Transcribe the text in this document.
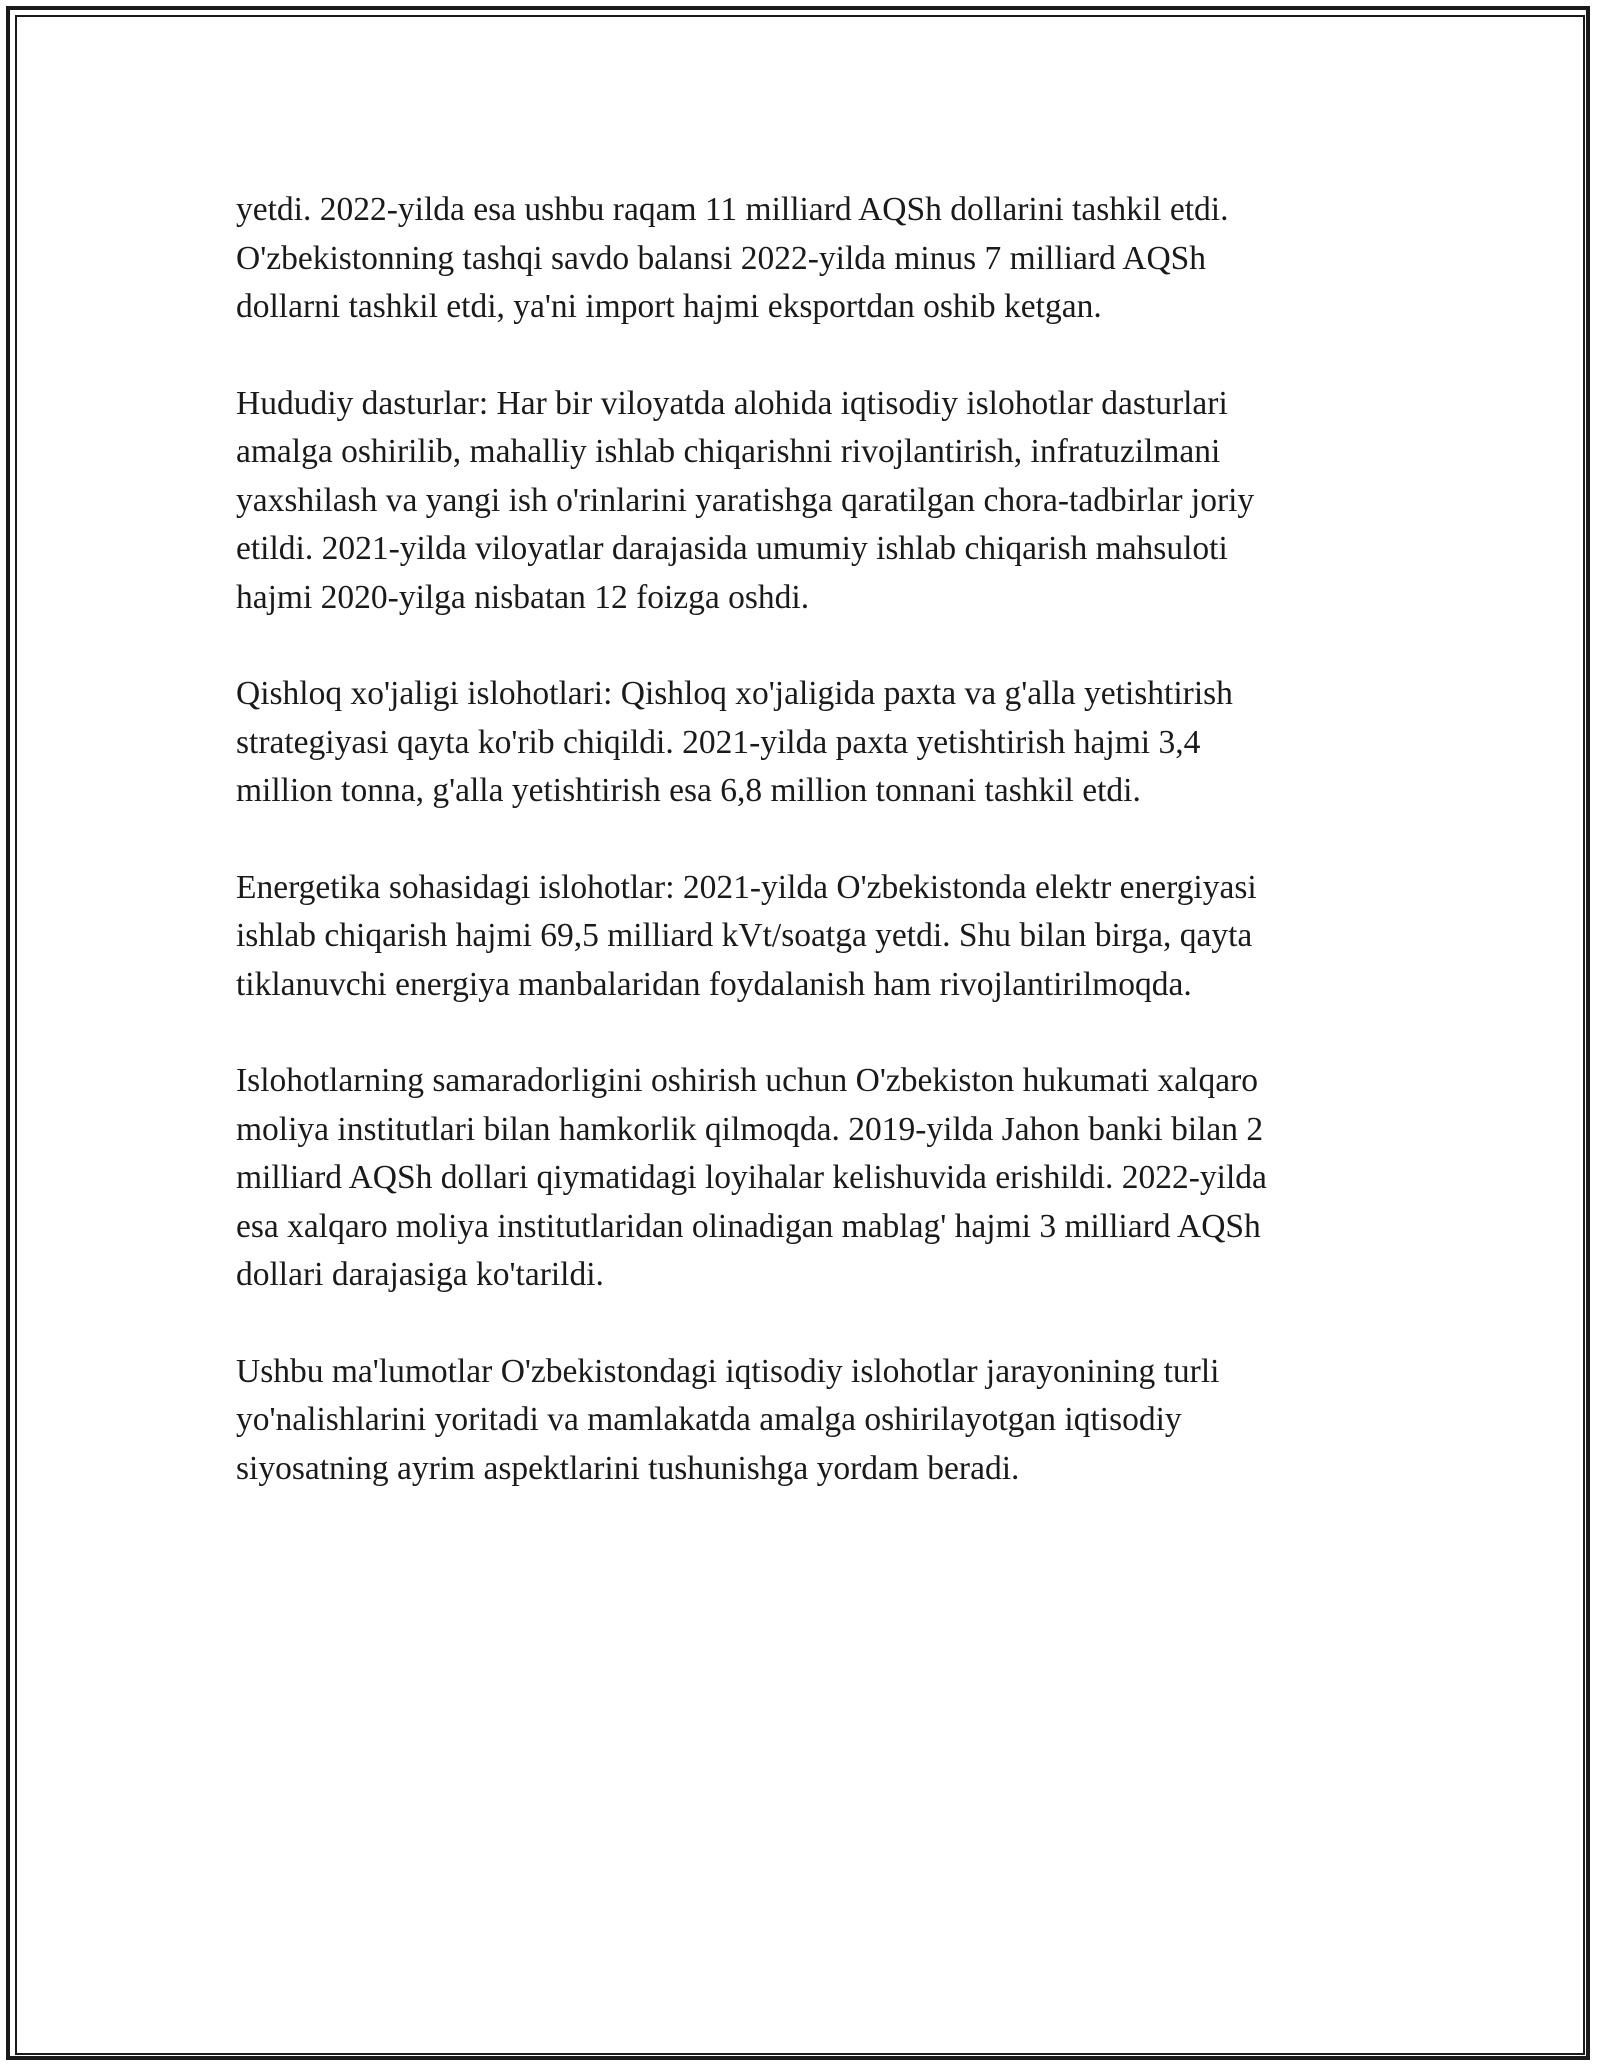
yetdi. 2022-yilda esa ushbu raqam 11 milliard AQSh dollarini tashkil etdi.
O'zbekistonning tashqi savdo balansi 2022-yilda minus 7 milliard AQSh
dollarni tashkil etdi, ya'ni import hajmi eksportdan oshib ketgan.

Hududiy dasturlar: Har bir viloyatda alohida iqtisodiy islohotlar dasturlari
amalga oshirilib, mahalliy ishlab chiqarishni rivojlantirish, infratuzilmani
yaxshilash va yangi ish o'rinlarini yaratishga qaratilgan chora-tadbirlar joriy
etildi. 2021-yilda viloyatlar darajasida umumiy ishlab chiqarish mahsuloti
hajmi 2020-yilga nisbatan 12 foizga oshdi.

Qishloq xo'jaligi islohotlari: Qishloq xo'jaligida paxta va g'alla yetishtirish
strategiyasi qayta ko'rib chiqildi. 2021-yilda paxta yetishtirish hajmi 3,4
million tonna, g'alla yetishtirish esa 6,8 million tonnani tashkil etdi.

Energetika sohasidagi islohotlar: 2021-yilda O'zbekistonda elektr energiyasi
ishlab chiqarish hajmi 69,5 milliard kVt/soatga yetdi. Shu bilan birga, qayta
tiklanuvchi energiya manbalaridan foydalanish ham rivojlantirilmoqda.

Islohotlarning samaradorligini oshirish uchun O'zbekiston hukumati xalqaro
moliya institutlari bilan hamkorlik qilmoqda. 2019-yilda Jahon banki bilan 2
milliard AQSh dollari qiymatidagi loyihalar kelishuvida erishildi. 2022-yilda
esa xalqaro moliya institutlaridan olinadigan mablag' hajmi 3 milliard AQSh
dollari darajasiga ko'tarildi.

Ushbu ma'lumotlar O'zbekistondagi iqtisodiy islohotlar jarayonining turli
yo'nalishlarini yoritadi va mamlakatda amalga oshirilayotgan iqtisodiy
siyosatning ayrim aspektlarini tushunishga yordam beradi.
